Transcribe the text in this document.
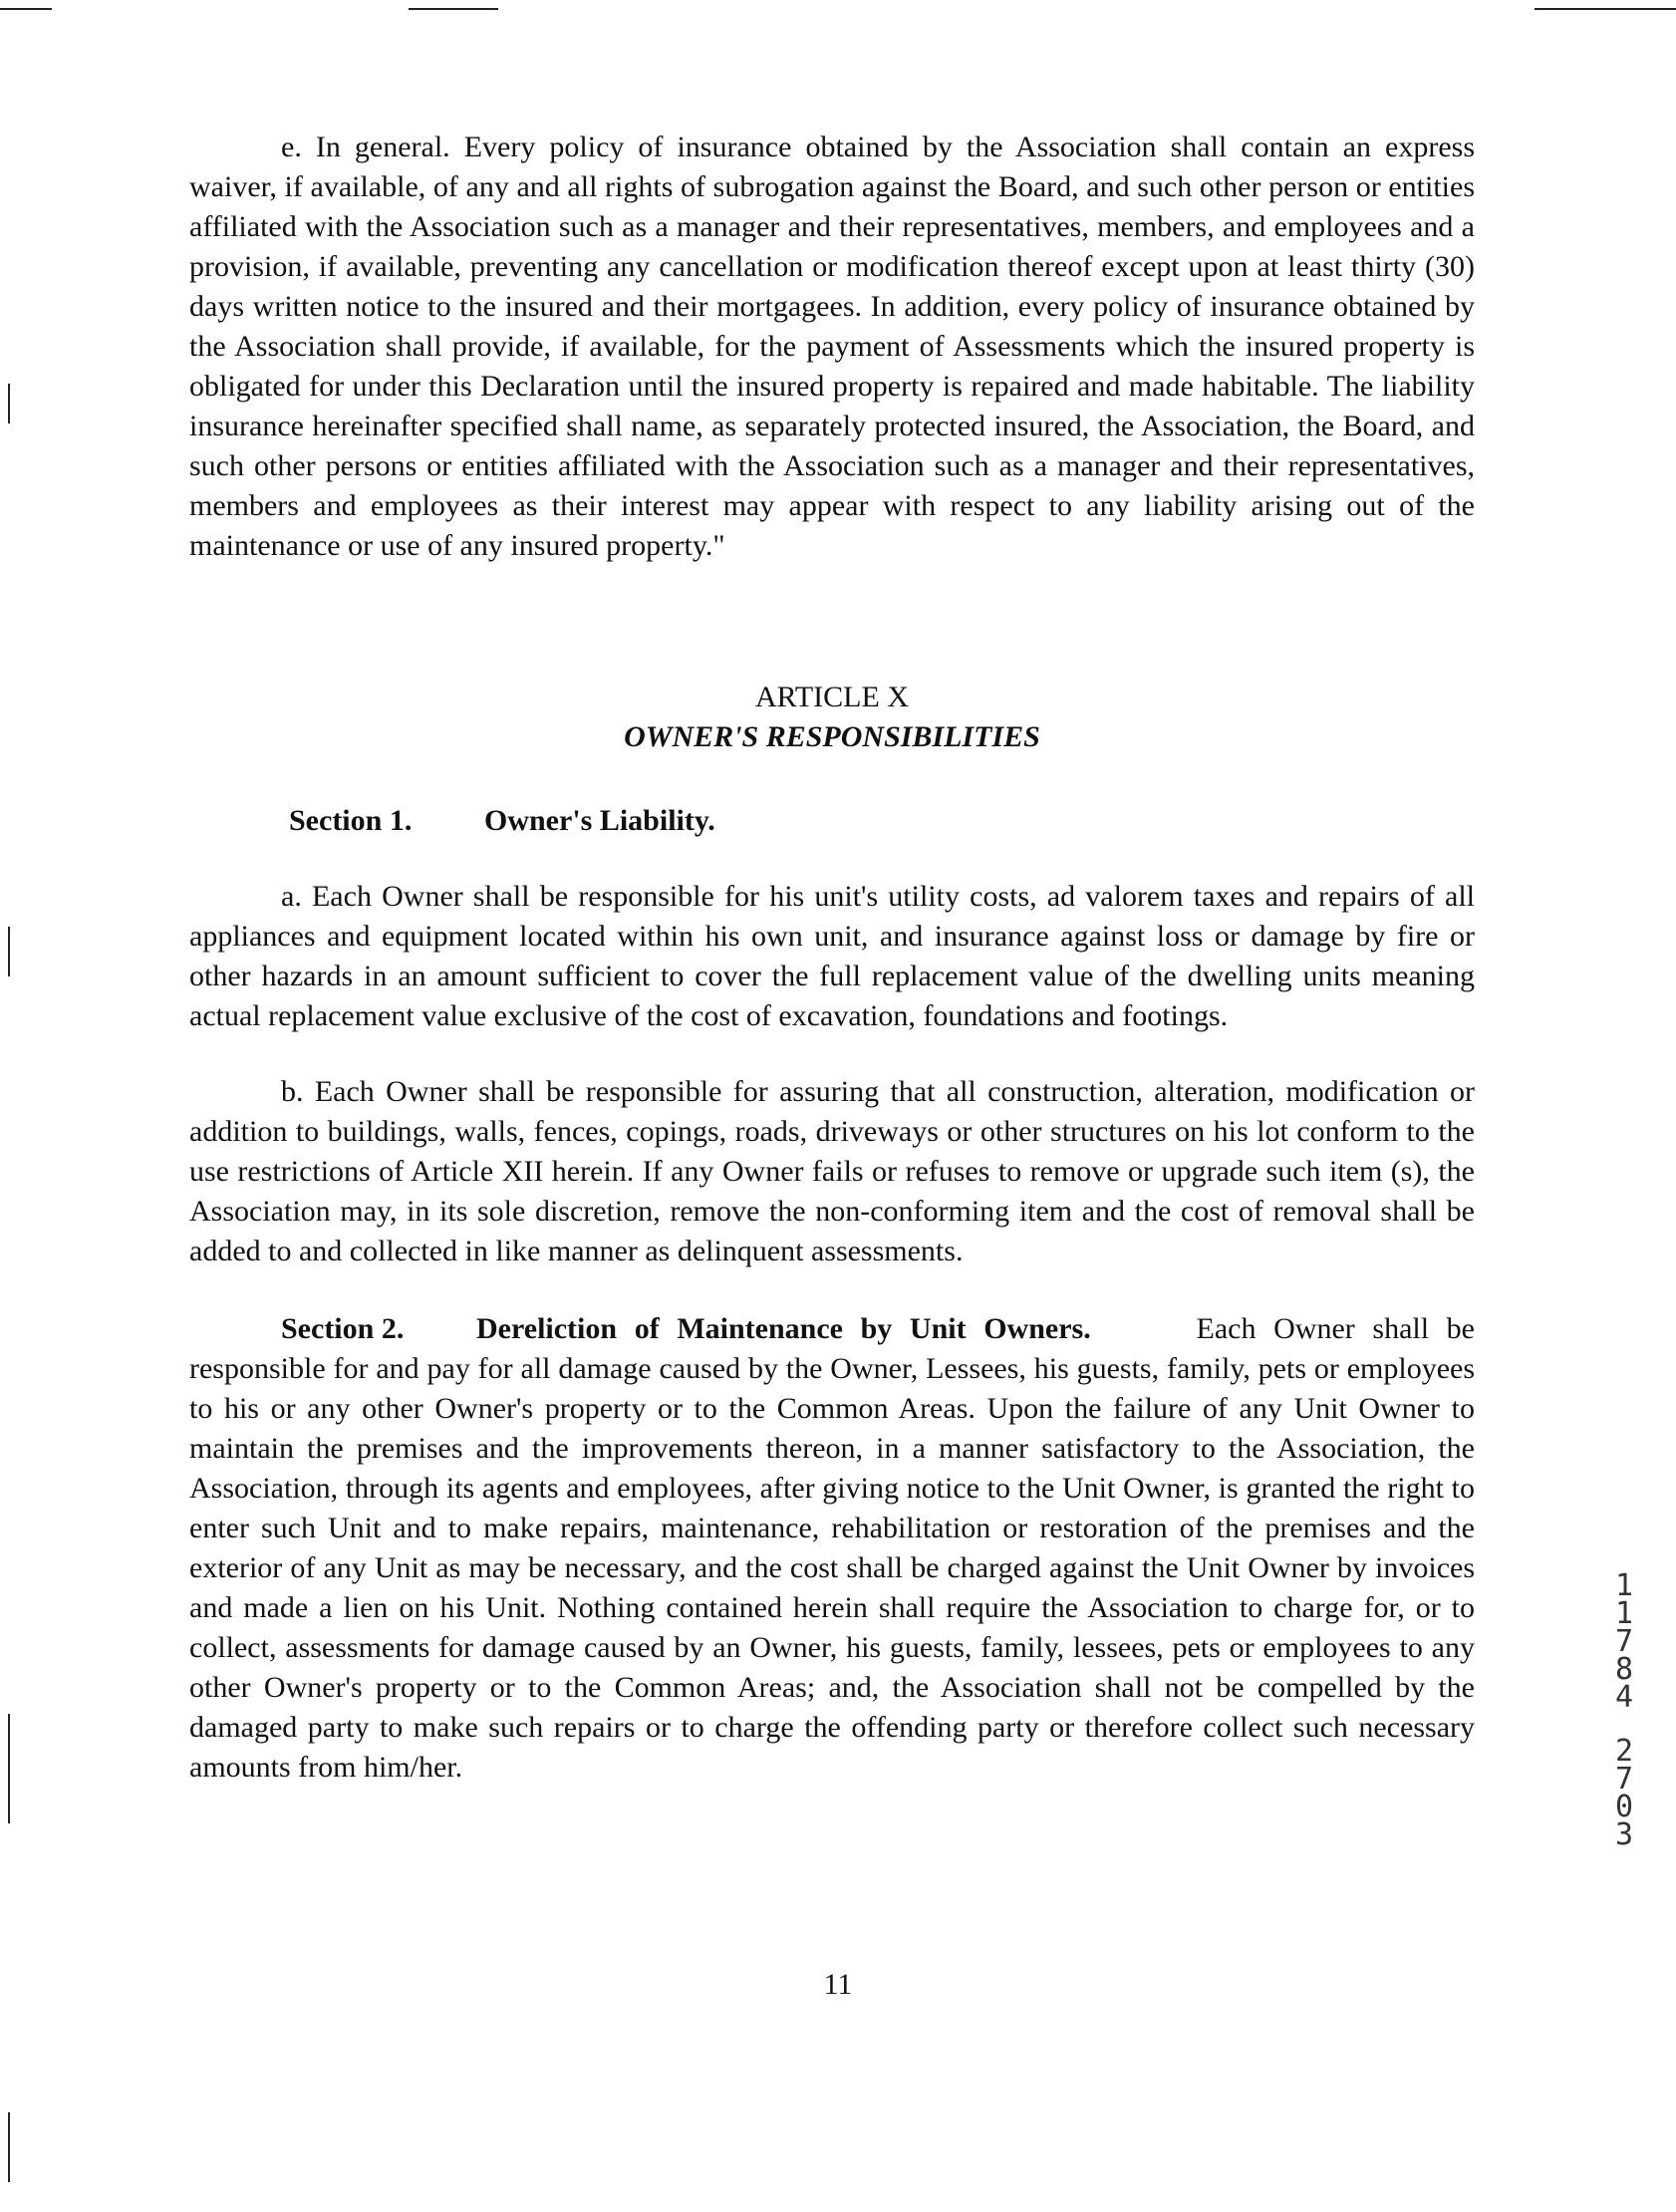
e. In general. Every policy of insurance obtained by the Association shall contain an express waiver, if available, of any and all rights of subrogation against the Board, and such other person or entities affiliated with the Association such as a manager and their representatives, members, and employees and a provision, if available, preventing any cancellation or modification thereof except upon at least thirty (30) days written notice to the insured and their mortgagees. In addition, every policy of insurance obtained by the Association shall provide, if available, for the payment of Assessments which the insured property is obligated for under this Declaration until the insured property is repaired and made habitable. The liability insurance hereinafter specified shall name, as separately protected insured, the Association, the Board, and such other persons or entities affiliated with the Association such as a manager and their representatives, members and employees as their interest may appear with respect to any liability arising out of the maintenance or use of any insured property."

ARTICLE X

OWNER'S RESPONSIBILITIES

Section 1. Owner's Liability.

a. Each Owner shall be responsible for his unit's utility costs, ad valorem taxes and repairs of all appliances and equipment located within his own unit, and insurance against loss or damage by fire or other hazards in an amount sufficient to cover the full replacement value of the dwelling units meaning actual replacement value exclusive of the cost of excavation, foundations and footings.

b. Each Owner shall be responsible for assuring that all construction, alteration, modification or addition to buildings, walls, fences, copings, roads, driveways or other structures on his lot conform to the use restrictions of Article XII herein. If any Owner fails or refuses to remove or upgrade such item (s), the Association may, in its sole discretion, remove the non-conforming item and the cost of removal shall be added to and collected in like manner as delinquent assessments.

Section 2. Dereliction of Maintenance by Unit Owners.	Each Owner shall be responsible for and pay for all damage caused by the Owner, Lessees, his guests, family, pets or employees to his or any other Owner's property or to the Common Areas. Upon the failure of any Unit Owner to maintain the premises and the improvements thereon, in a manner satisfactory to the Association, the Association, through its agents and employees, after giving notice to the Unit Owner, is granted the right to enter such Unit and to make repairs, maintenance, rehabilitation or restoration of the premises and the exterior of any Unit as may be necessary, and the cost shall be charged against the Unit Owner by invoices and made a lien on his Unit. Nothing contained herein shall require the Association to charge for, or to collect, assessments for damage caused by an Owner, his guests, family, lessees, pets or employees to any other Owner's property or to the Common Areas; and, the Association shall not be compelled by the damaged party to make such repairs or to charge the offending party or therefore collect such necessary amounts from him/her.

1
1
7
8
4
2
7
0
3

11
